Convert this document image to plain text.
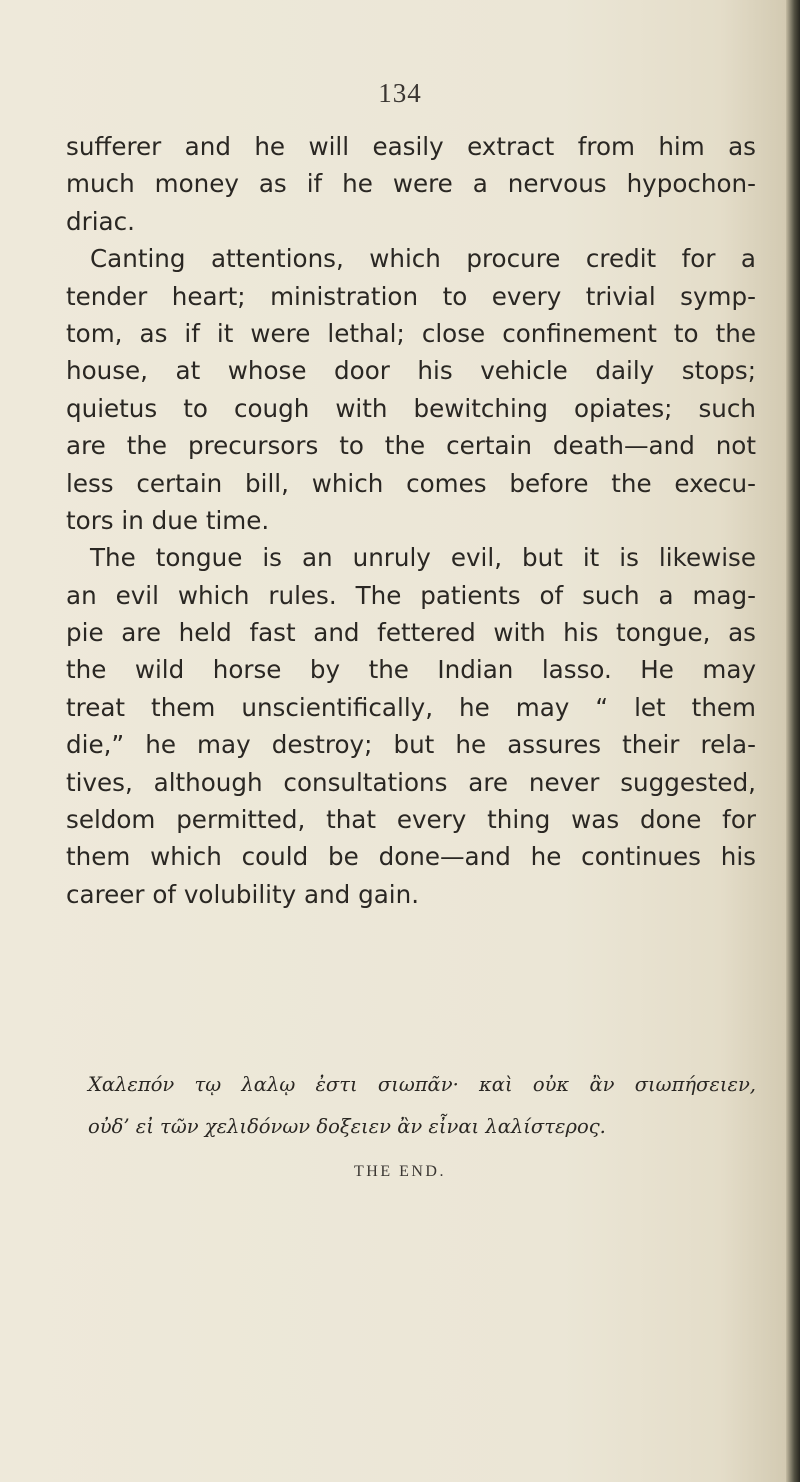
134
sufferer and he will easily extract from him as
much money as if he were a nervous hypochon-
driac.
Canting attentions, which procure credit for a
tender heart; ministration to every trivial symp-
tom, as if it were lethal; close confinement to the
house, at whose door his vehicle daily stops;
quietus to cough with bewitching opiates; such
are the precursors to the certain death—and not
less certain bill, which comes before the execu-
tors in due time.
The tongue is an unruly evil, but it is likewise
an evil which rules. The patients of such a mag-
pie are held fast and fettered with his tongue, as
the wild horse by the Indian lasso. He may
treat them unscientifically, he may “ let them
die,” he may destroy; but he assures their rela-
tives, although consultations are never suggested,
seldom permitted, that every thing was done for
them which could be done—and he continues his
career of volubility and gain.
Χαλεπόν τῳ λαλῳ ἐστι σιωπᾶν· καὶ οὐκ ἂν σιωπήσειεν,
οὐδ’ εἰ τῶν χελιδόνων δοξειεν ἂν εἶναι λαλίστερος.
THE END.
